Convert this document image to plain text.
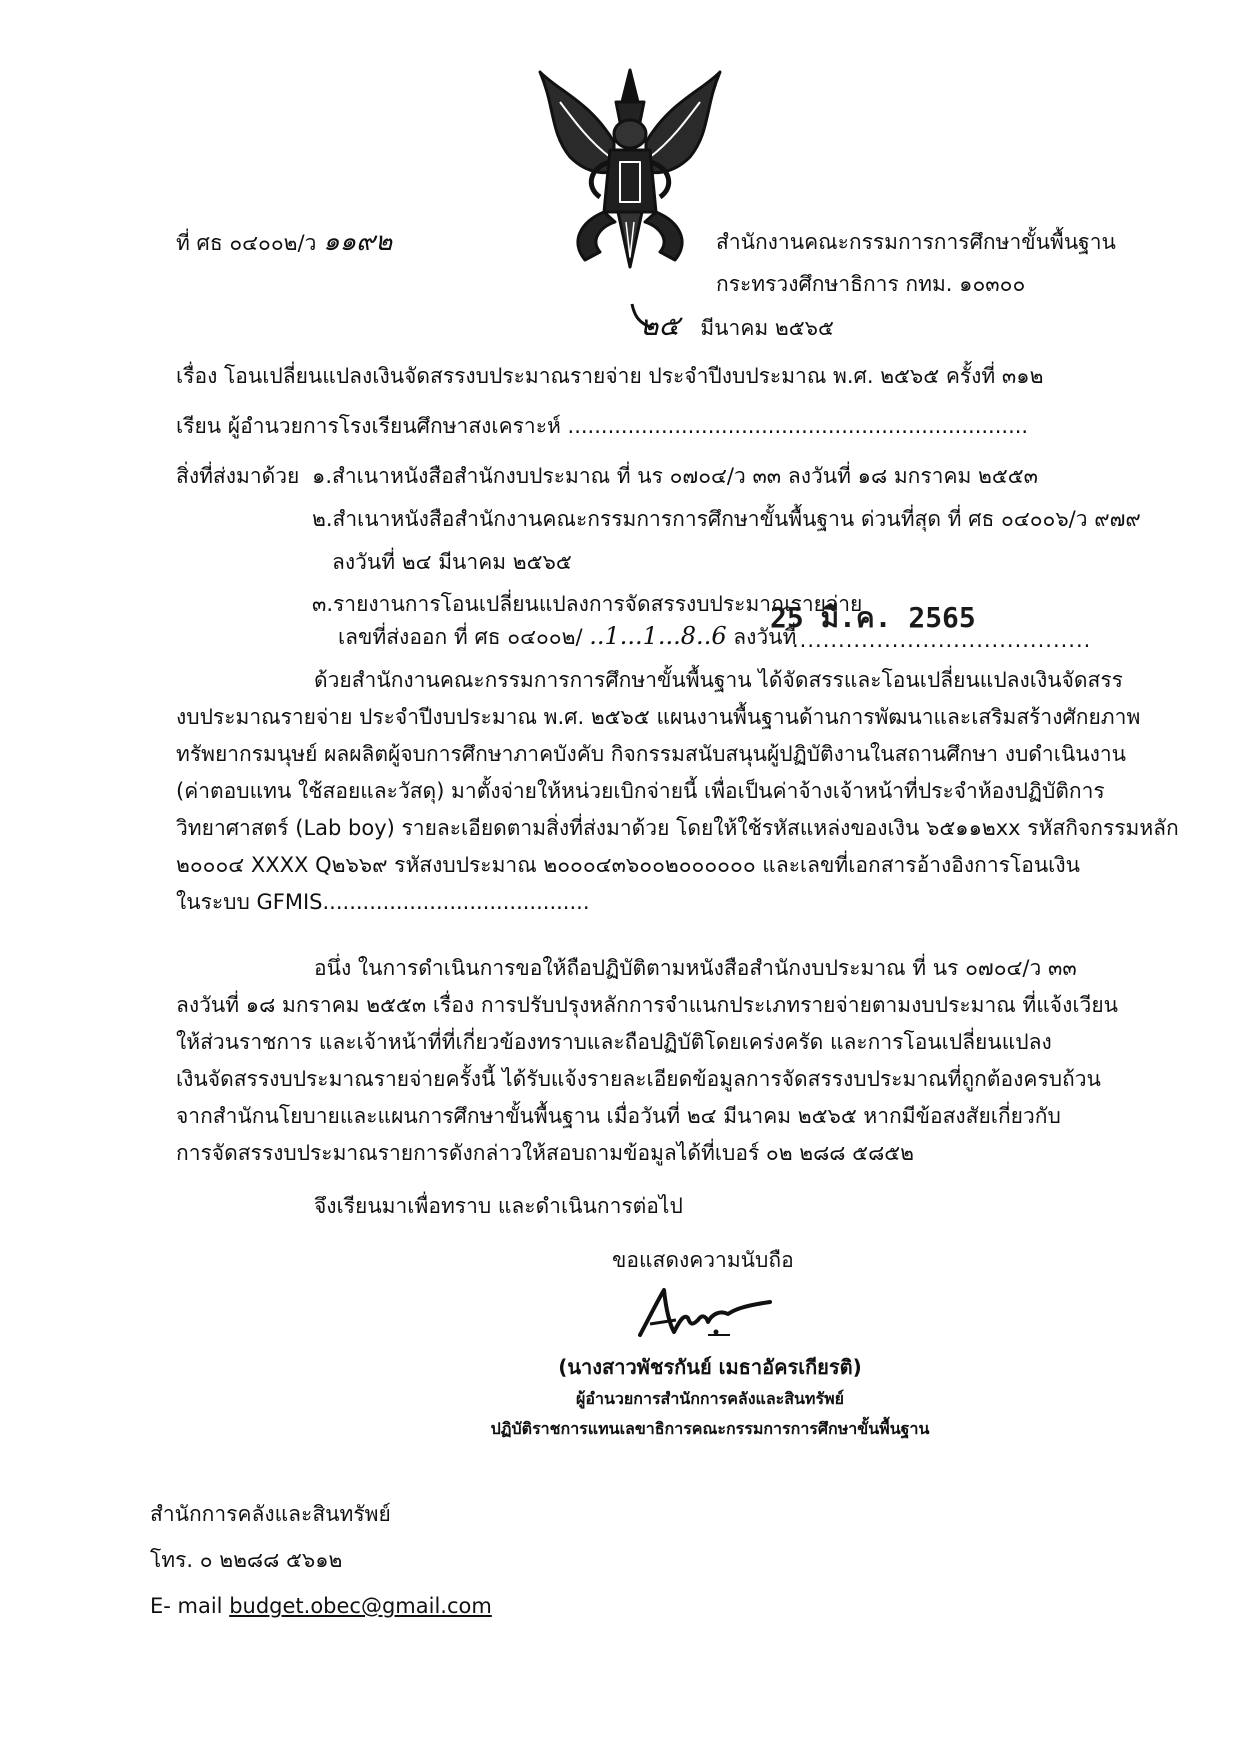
ที่ ศธ ๐๔๐๐๒/ว ๑๑๙๒	สำนักงานคณะกรรมการการศึกษาขั้นพื้นฐาน
กระทรวงศึกษาธิการ กทม. ๑๐๓๐๐
๒๕ มีนาคม ๒๕๖๕
เรื่อง โอนเปลี่ยนแปลงเงินจัดสรรงบประมาณรายจ่าย ประจำปีงบประมาณ พ.ศ. ๒๕๖๕ ครั้งที่ ๓๑๒
เรียน ผู้อำนวยการโรงเรียนศึกษาสงเคราะห์ .....................................................................
สิ่งที่ส่งมาด้วย ๑.สำเนาหนังสือสำนักงบประมาณ ที่ นร ๐๗๐๔/ว ๓๓ ลงวันที่ ๑๘ มกราคม ๒๕๕๓
๒.สำเนาหนังสือสำนักงานคณะกรรมการการศึกษาขั้นพื้นฐาน ด่วนที่สุด ที่ ศธ ๐๔๐๐๖/ว ๙๗๙
ลงวันที่ ๒๔ มีนาคม ๒๕๖๕
๓.รายงานการโอนเปลี่ยนแปลงการจัดสรรงบประมาณรายจ่าย
เลขที่ส่งออก ที่ ศธ ๐๔๐๐๒/ ..1...1...8..6 ลงวันที่
25 มี.ค. 2565
.......................................
ด้วยสำนักงานคณะกรรมการการศึกษาขั้นพื้นฐาน ได้จัดสรรและโอนเปลี่ยนแปลงเงินจัดสรร
งบประมาณรายจ่าย ประจำปีงบประมาณ พ.ศ. ๒๕๖๕ แผนงานพื้นฐานด้านการพัฒนาและเสริมสร้างศักยภาพ
ทรัพยากรมนุษย์ ผลผลิตผู้จบการศึกษาภาคบังคับ กิจกรรมสนับสนุนผู้ปฏิบัติงานในสถานศึกษา งบดำเนินงาน
(ค่าตอบแทน ใช้สอยและวัสดุ) มาตั้งจ่ายให้หน่วยเบิกจ่ายนี้ เพื่อเป็นค่าจ้างเจ้าหน้าที่ประจำห้องปฏิบัติการ
วิทยาศาสตร์ (Lab boy) รายละเอียดตามสิ่งที่ส่งมาด้วย โดยให้ใช้รหัสแหล่งของเงิน ๖๕๑๑๒xx รหัสกิจกรรมหลัก
๒๐๐๐๔ XXXX Q๒๖๖๙ รหัสงบประมาณ ๒๐๐๐๔๓๖๐๐๒๐๐๐๐๐๐ และเลขที่เอกสารอ้างอิงการโอนเงิน
ในระบบ GFMIS........................................
อนึ่ง ในการดำเนินการขอให้ถือปฏิบัติตามหนังสือสำนักงบประมาณ ที่ นร ๐๗๐๔/ว ๓๓
ลงวันที่ ๑๘ มกราคม ๒๕๕๓ เรื่อง การปรับปรุงหลักการจำแนกประเภทรายจ่ายตามงบประมาณ ที่แจ้งเวียน
ให้ส่วนราชการ และเจ้าหน้าที่ที่เกี่ยวข้องทราบและถือปฏิบัติโดยเคร่งครัด และการโอนเปลี่ยนแปลง
เงินจัดสรรงบประมาณรายจ่ายครั้งนี้ ได้รับแจ้งรายละเอียดข้อมูลการจัดสรรงบประมาณที่ถูกต้องครบถ้วน
จากสำนักนโยบายและแผนการศึกษาขั้นพื้นฐาน เมื่อวันที่ ๒๔ มีนาคม ๒๕๖๕ หากมีข้อสงสัยเกี่ยวกับ
การจัดสรรงบประมาณรายการดังกล่าวให้สอบถามข้อมูลได้ที่เบอร์ ๐๒ ๒๘๘ ๕๘๕๒
จึงเรียนมาเพื่อทราบ และดำเนินการต่อไป
ขอแสดงความนับถือ
(นางสาวพัชรกันย์ เมธาอัครเกียรติ)
ผู้อำนวยการสำนักการคลังและสินทรัพย์
ปฏิบัติราชการแทนเลขาธิการคณะกรรมการการศึกษาขั้นพื้นฐาน
สำนักการคลังและสินทรัพย์
โทร. ๐ ๒๒๘๘ ๕๖๑๒
E- mail budget.obec@gmail.com
